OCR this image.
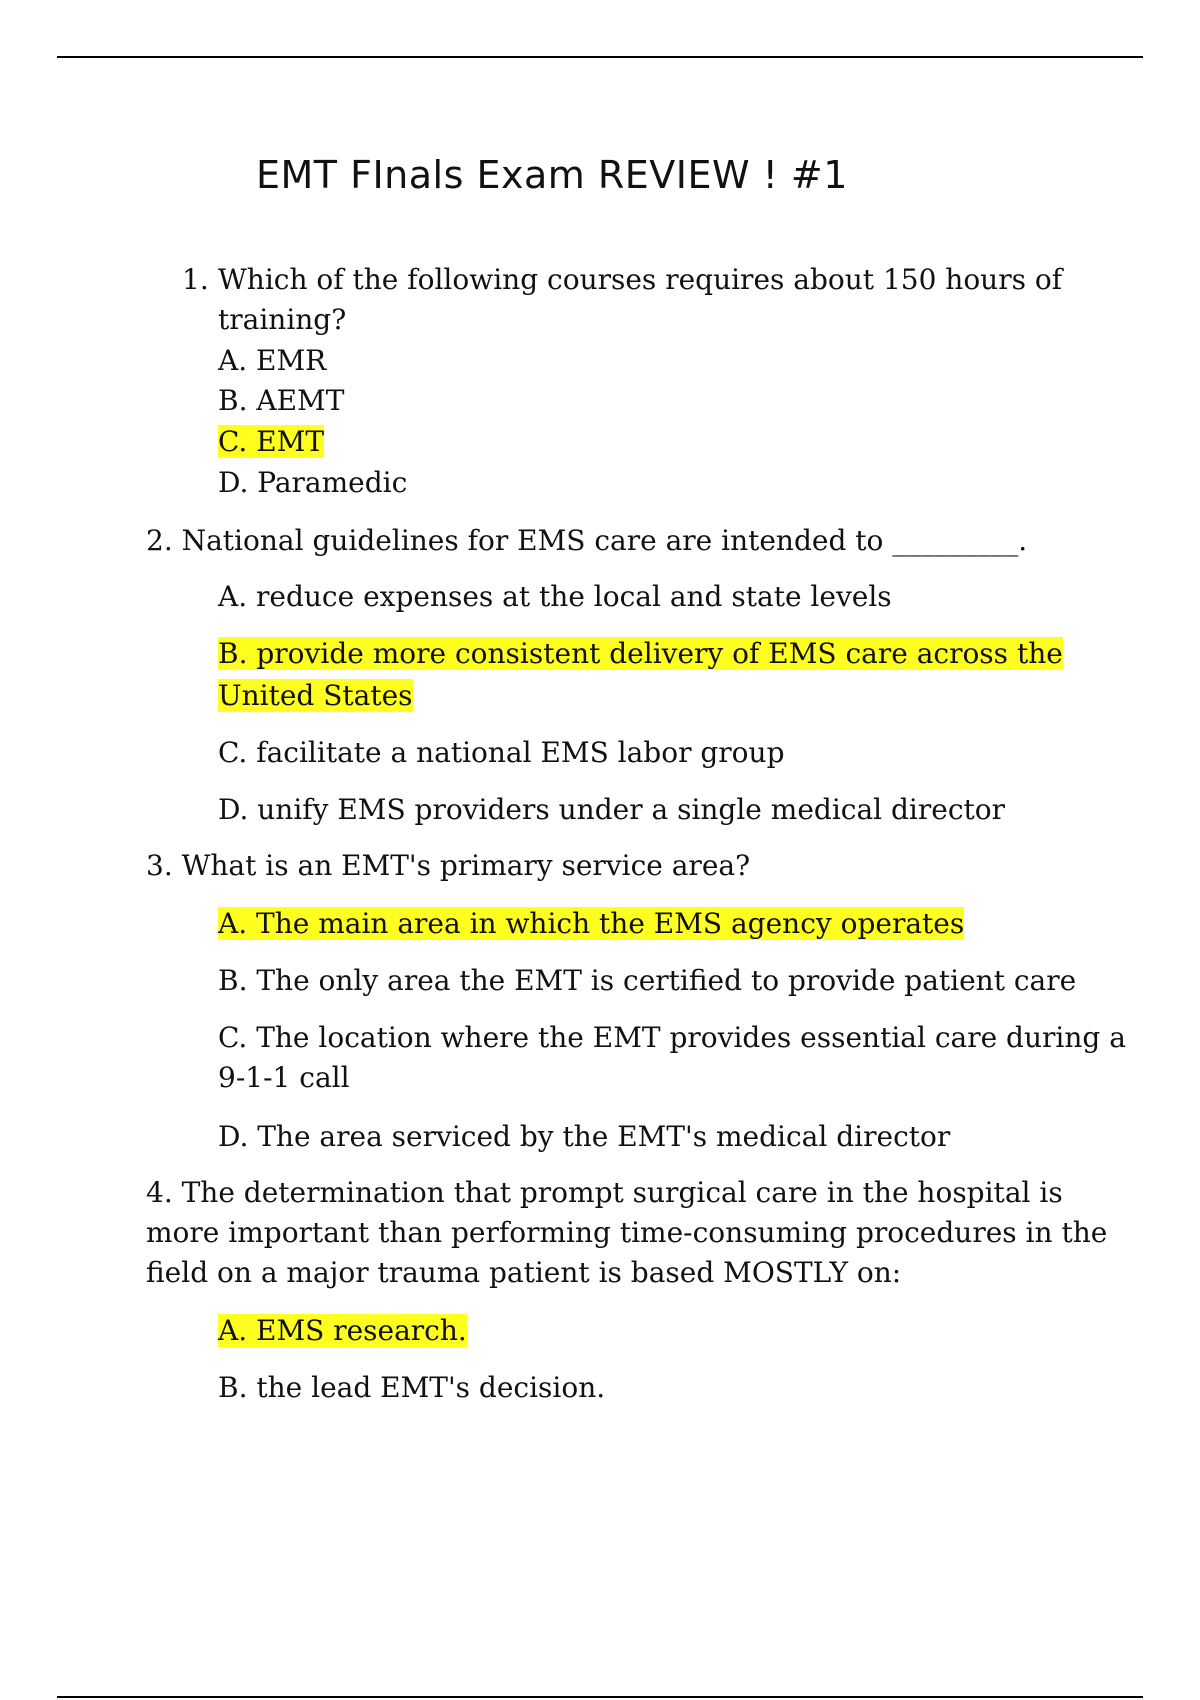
EMT FInals Exam REVIEW ! #1
1. Which of the following courses requires about 150 hours of
training?
A. EMR
B. AEMT
C. EMT
D. Paramedic
2. National guidelines for EMS care are intended to _________.
A. reduce expenses at the local and state levels
B. provide more consistent delivery of EMS care across the
United States
C. facilitate a national EMS labor group
D. unify EMS providers under a single medical director
3. What is an EMT's primary service area?
A. The main area in which the EMS agency operates
B. The only area the EMT is certified to provide patient care
C. The location where the EMT provides essential care during a
9-1-1 call
D. The area serviced by the EMT's medical director
4. The determination that prompt surgical care in the hospital is
more important than performing time-consuming procedures in the
field on a major trauma patient is based MOSTLY on:
A. EMS research.
B. the lead EMT's decision.
